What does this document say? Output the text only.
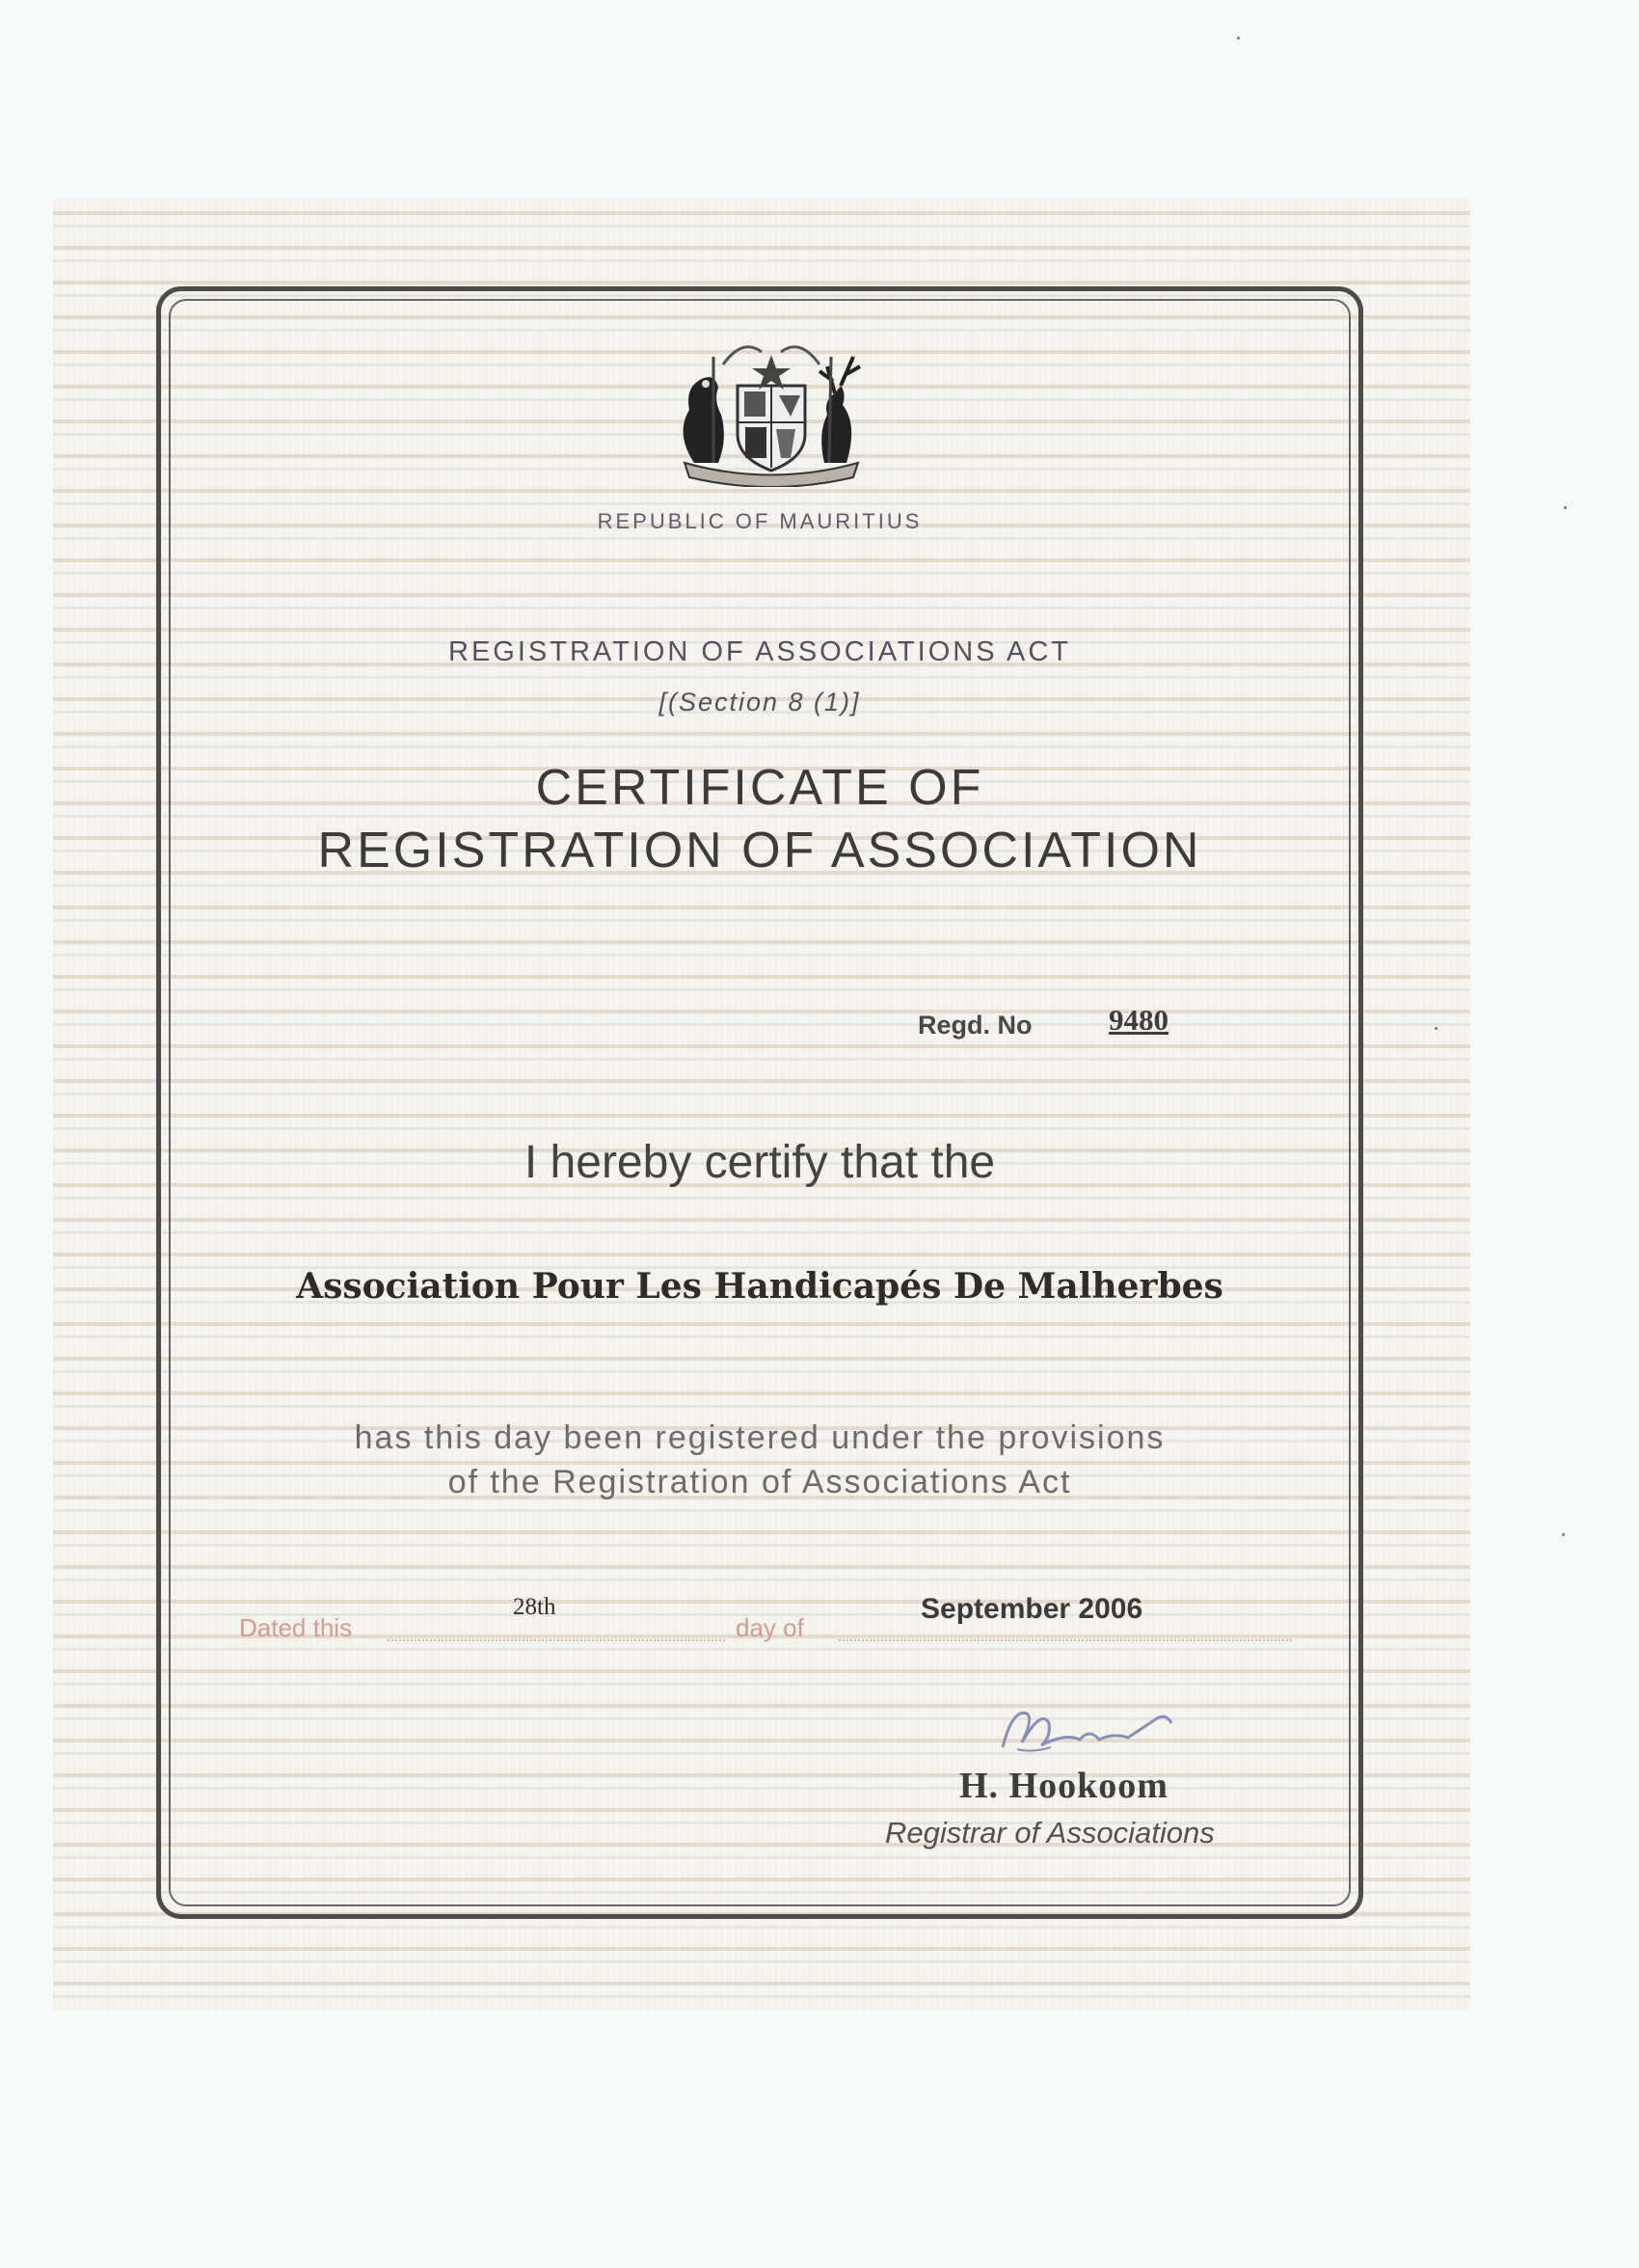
REPUBLIC OF MAURITIUS
REGISTRATION OF ASSOCIATIONS ACT
[(Section 8 (1)]
CERTIFICATE OF
REGISTRATION OF ASSOCIATION
Regd. No	9480
I hereby certify that the
Association Pour Les Handicapés De Malherbes
has this day been registered under the provisions
of the Registration of Associations Act
Dated this
28th
day of
September 2006
H. Hookoom
Registrar of Associations
